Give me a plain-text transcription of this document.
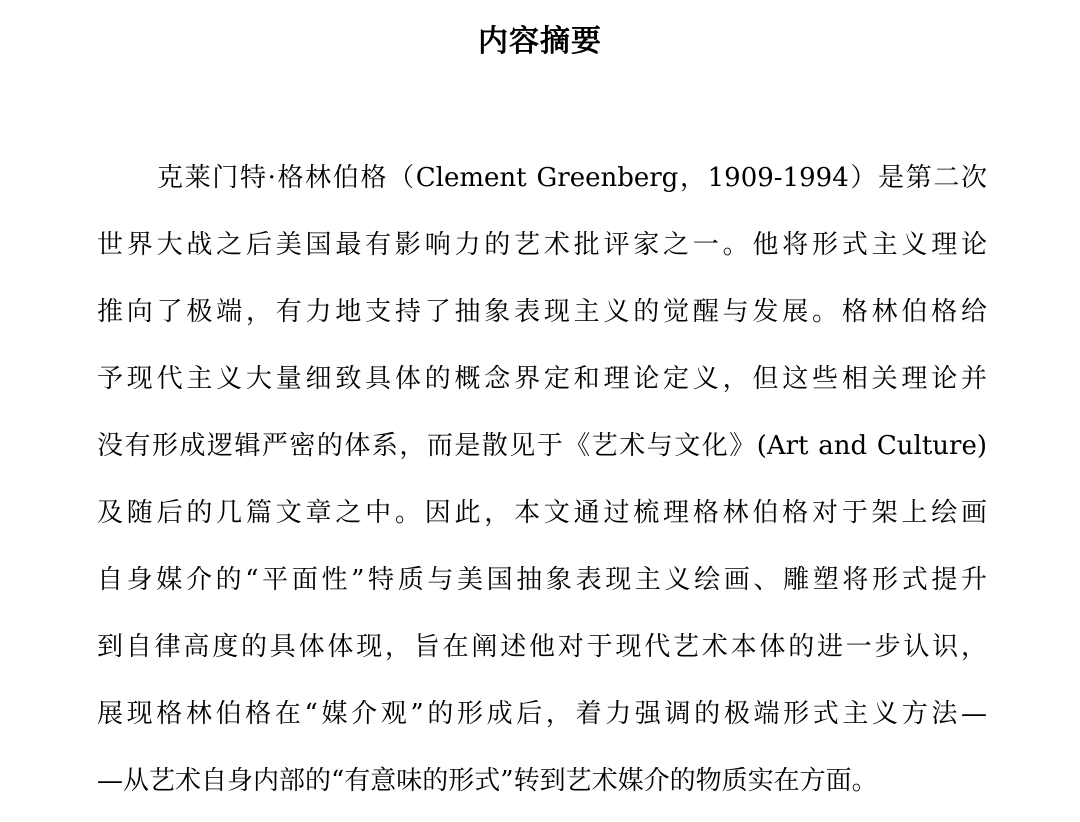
内容摘要
克莱门特·格林伯格（Clement Greenberg，1909-1994）是第二次
世界大战之后美国最有影响力的艺术批评家之一。他将形式主义理论
推向了极端，有力地支持了抽象表现主义的觉醒与发展。格林伯格给
予现代主义大量细致具体的概念界定和理论定义，但这些相关理论并
没有形成逻辑严密的体系，而是散见于《艺术与文化》(Art and Culture)
及随后的几篇文章之中。因此，本文通过梳理格林伯格对于架上绘画
自身媒介的“平面性”特质与美国抽象表现主义绘画、雕塑将形式提升
到自律高度的具体体现，旨在阐述他对于现代艺术本体的进一步认识，
展现格林伯格在“媒介观”的形成后，着力强调的极端形式主义方法—
—从艺术自身内部的“有意味的形式”转到艺术媒介的物质实在方面。
